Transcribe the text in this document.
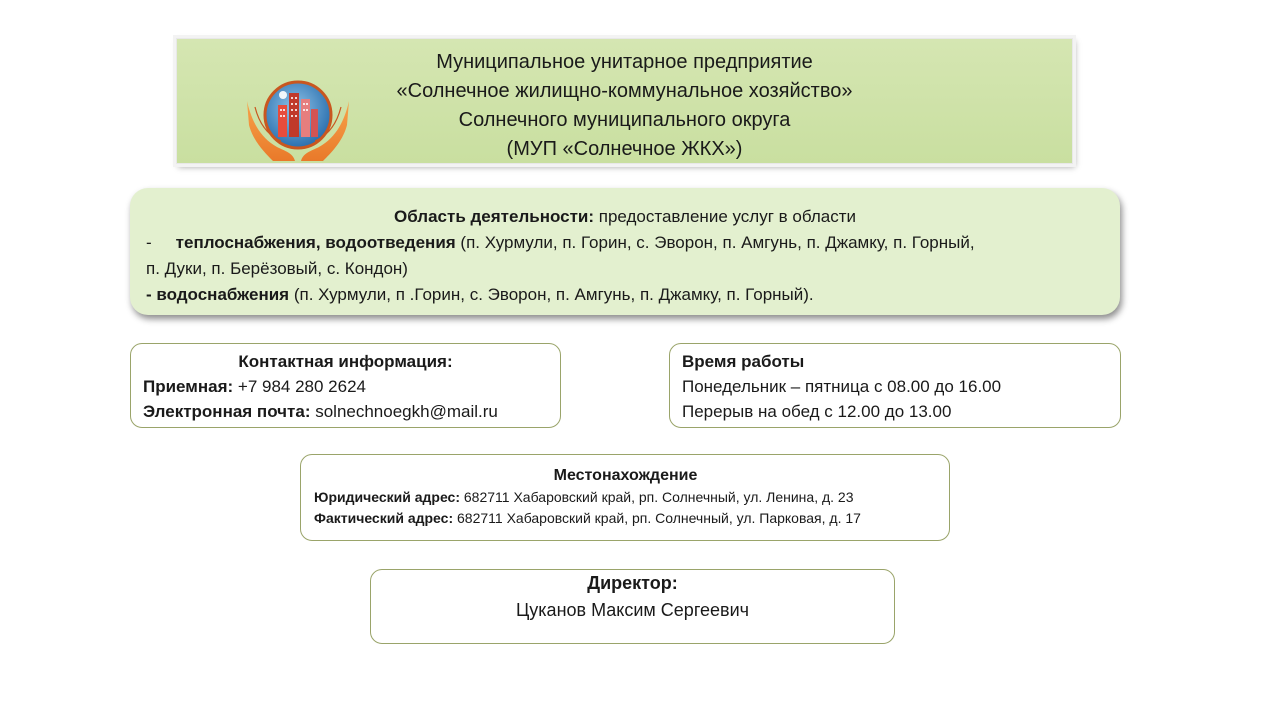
Муниципальное унитарное предприятие
«Солнечное жилищно-коммунальное хозяйство»
Солнечного муниципального округа
(МУП «Солнечное ЖКХ»)
Область деятельности: предоставление услуг в области
- теплоснабжения, водоотведения (п. Хурмули, п. Горин, с. Эворон, п. Амгунь, п. Джамку, п. Горный,
п. Дуки, п. Берёзовый, с. Кондон)
- водоснабжения (п. Хурмули, п .Горин, с. Эворон, п. Амгунь, п. Джамку, п. Горный).
Контактная информация:
Приемная: +7 984 280 2624
Электронная почта: solnechnoegkh@mail.ru
Время работы
Понедельник – пятница с 08.00 до 16.00
Перерыв на обед с 12.00 до 13.00
Местонахождение
Юридический адрес: 682711 Хабаровский край, рп. Солнечный, ул. Ленина, д. 23
Фактический адрес: 682711 Хабаровский край, рп. Солнечный, ул. Парковая, д. 17
Директор:
Цуканов Максим Сергеевич
